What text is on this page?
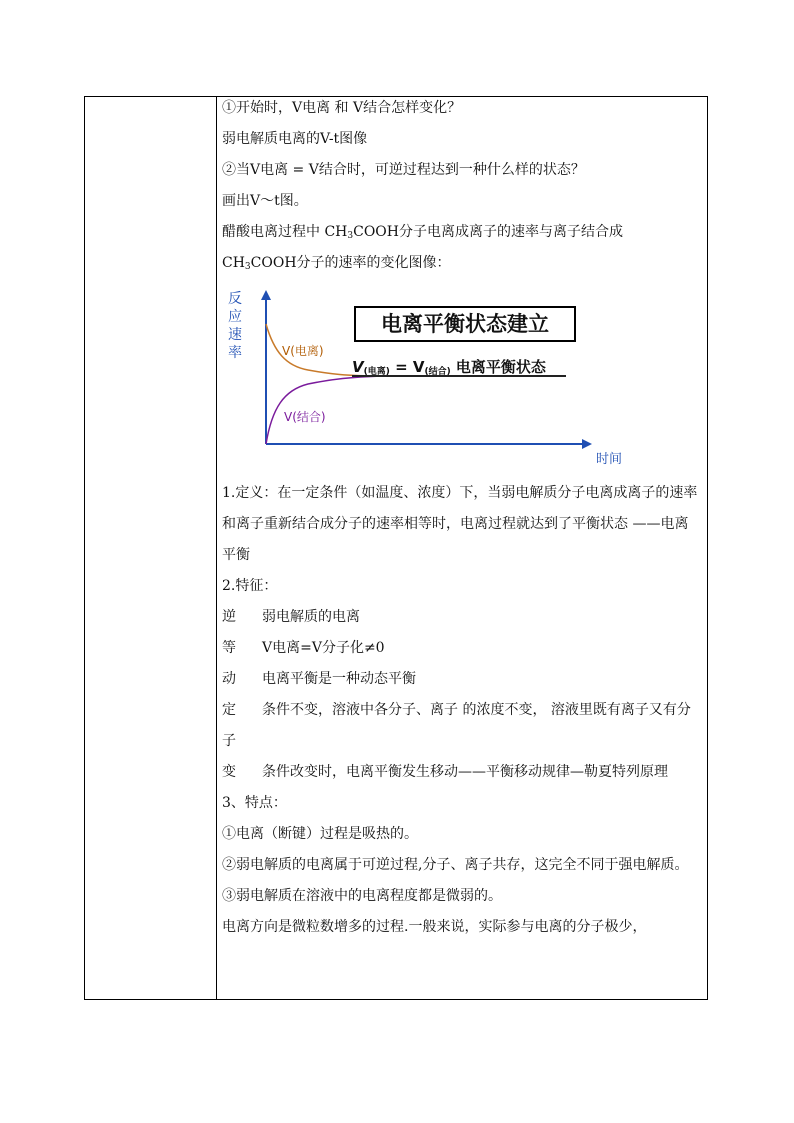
①开始时，V电离 和 V结合怎样变化？
弱电解质电离的V-t图像
②当V电离 = V结合时，可逆过程达到一种什么样的状态？
画出V～t图。
醋酸电离过程中 $CH_3COOH$分子电离成离子的速率与离子结合成
$CH_3COOH$分子的速率的变化图像：
反应速率
电离平衡状态建立
$V_{(电离)} = V_{(结合)}$ 电离平衡状态
V(电离)
V(结合)
时间
1.定义：在一定条件（如温度、浓度）下，当弱电解质分子电离成离子的速率和离子重新结合成分子的速率相等时，电离过程就达到了平衡状态 ——电离平衡
2.特征：
逆 弱电解质的电离
等 V电离=V分子化≠0
动 电离平衡是一种动态平衡
定 条件不变，溶液中各分子、离子 的浓度不变， 溶液里既有离子又有分子
变 条件改变时，电离平衡发生移动——平衡移动规律—勒夏特列原理
3、特点：
①电离（断键）过程是吸热的。
②弱电解质的电离属于可逆过程,分子、离子共存，这完全不同于强电解质。
③弱电解质在溶液中的电离程度都是微弱的。
电离方向是微粒数增多的过程.一般来说，实际参与电离的分子极少，
